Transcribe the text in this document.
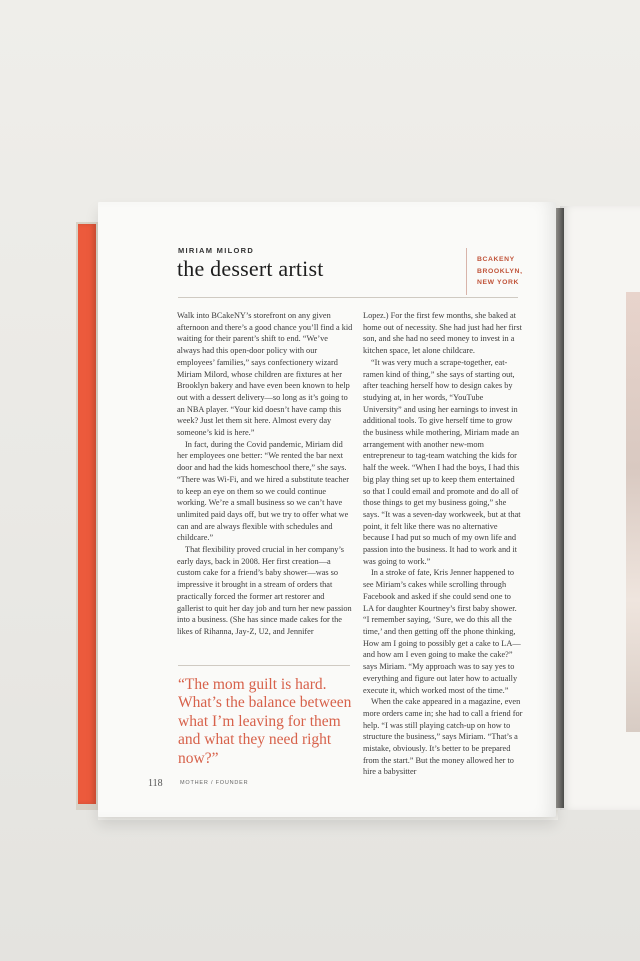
MIRIAM MILORD
the dessert artist	BCAKENY
BROOKLYN,
NEW YORK

Walk into BCakeNY’s storefront on any given afternoon and there’s a good chance you’ll find a kid waiting for their parent’s shift to end. “We’ve always had this open-door policy with our employees’ families,” says confectionery wizard Miriam Milord, whose children are fixtures at her Brooklyn bakery and have even been known to help out with a dessert delivery—so long as it’s going to an NBA player. “Your kid doesn’t have camp this week? Just let them sit here. Almost every day someone’s kid is here.”

In fact, during the Covid pandemic, Miriam did her employees one better: “We rented the bar next door and had the kids homeschool there,” she says. “There was Wi-Fi, and we hired a substitute teacher to keep an eye on them so we could continue working. We’re a small business so we can’t have unlimited paid days off, but we try to offer what we can and are always flexible with schedules and childcare.”

That flexibility proved crucial in her company’s early days, back in 2008. Her first creation—a custom cake for a friend’s baby shower—was so impressive it brought in a stream of orders that practically forced the former art restorer and gallerist to quit her day job and turn her new passion into a business. (She has since made cakes for the likes of Rihanna, Jay-Z, U2, and Jennifer

Lopez.) For the first few months, she baked at home out of necessity. She had just had her first son, and she had no seed money to invest in a kitchen space, let alone childcare.

“It was very much a scrape-together, eat-ramen kind of thing,” she says of starting out, after teaching herself how to design cakes by studying at, in her words, “YouTube University” and using her earnings to invest in additional tools. To give herself time to grow the business while mothering, Miriam made an arrangement with another new-mom entrepreneur to tag-team watching the kids for half the week. “When I had the boys, I had this big play thing set up to keep them entertained so that I could email and promote and do all of those things to get my business going,” she says. “It was a seven-day workweek, but at that point, it felt like there was no alternative because I had put so much of my own life and passion into the business. It had to work and it was going to work.”

In a stroke of fate, Kris Jenner happened to see Miriam’s cakes while scrolling through Facebook and asked if she could send one to LA for daughter Kourtney’s first baby shower. “I remember saying, ‘Sure, we do this all the time,’ and then getting off the phone thinking, How am I going to possibly get a cake to LA—and how am I even going to make the cake?” says Miriam. “My approach was to say yes to everything and figure out later how to actually execute it, which worked most of the time.”

When the cake appeared in a magazine, even more orders came in; she had to call a friend for help. “I was still playing catch-up on how to structure the business,” says Miriam. “That’s a mistake, obviously. It’s better to be prepared from the start.” But the money allowed her to hire a babysitter

“The mom guilt is hard. What’s the balance between what I’m leaving for them and what they need right now?”
118	MOTHER / FOUNDER
